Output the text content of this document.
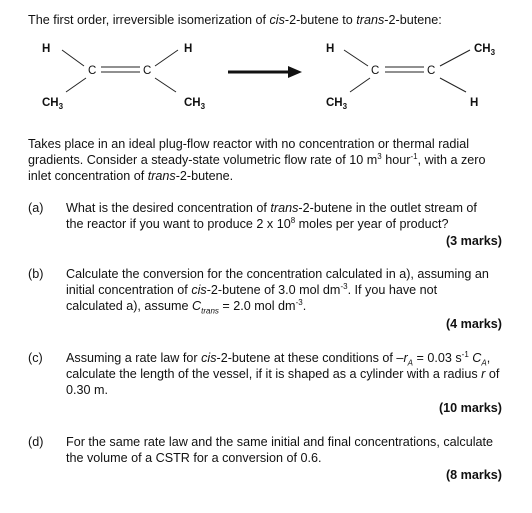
The first order, irreversible isomerization of cis-2-butene to trans-2-butene:
H	H
C	C
$CH_3$	$CH_3$
H	$CH_3$
C	C
$CH_3$	H
Takes place in an ideal plug-flow reactor with no concentration or thermal radial
gradients. Consider a steady-state volumetric flow rate of 10 $m^3$ hour$^{-1}$, with a zero
inlet concentration of trans-2-butene.
(a) What is the desired concentration of trans-2-butene in the outlet stream of
the reactor if you want to produce 2 x $10^8$ moles per year of product?
(3 marks)
(b) Calculate the conversion for the concentration calculated in a), assuming an
initial concentration of cis-2-butene of 3.0 mol $dm^{-3}$. If you have not
calculated a), assume $C_{trans} = 2.0$ mol $dm^{-3}$.
(4 marks)
(c) Assuming a rate law for cis-2-butene at these conditions of $-r_A = 0.03$ $s^{-1}$ $C_A$,
calculate the length of the vessel, if it is shaped as a cylinder with a radius r of
0.30 m.
(10 marks)
(d) For the same rate law and the same initial and final concentrations, calculate
the volume of a CSTR for a conversion of 0.6.
(8 marks)
